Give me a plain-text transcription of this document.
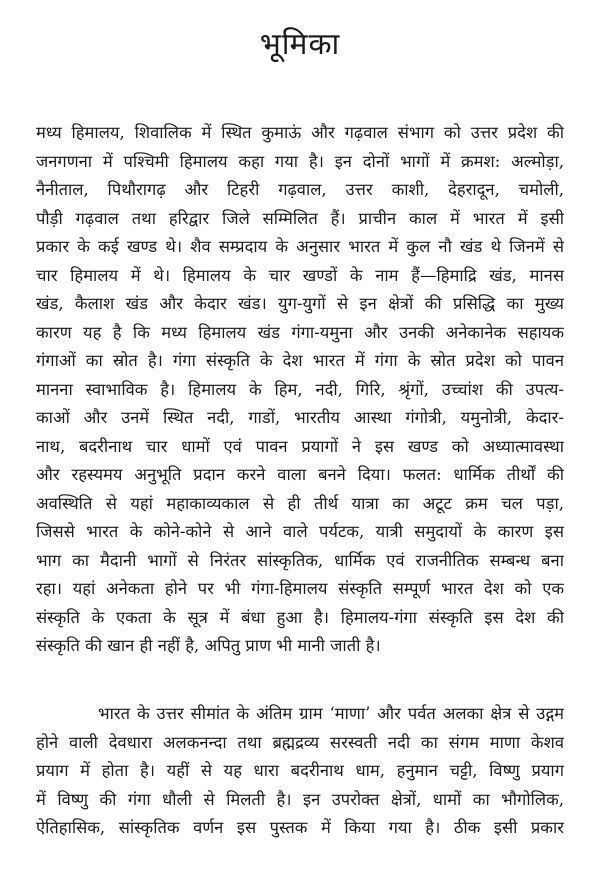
भूमिका
मध्य हिमालय, शिवालिक में स्थित कुमाऊं और गढ़वाल संभाग को उत्तर प्रदेश की
जनगणना में पश्चिमी हिमालय कहा गया है। इन दोनों भागों में क्रमश: अल्मोड़ा,
नैनीताल, पिथौरागढ़ और टिहरी गढ़वाल, उत्तर काशी, देहरादून, चमोली,
पौड़ी गढ़वाल तथा हरिद्वार जिले सम्मिलित हैं। प्राचीन काल में भारत में इसी
प्रकार के कई खण्ड थे। शैव सम्प्रदाय के अनुसार भारत में कुल नौ खंड थे जिनमें से
चार हिमालय में थे। हिमालय के चार खण्डों के नाम हैं—हिमाद्रि खंड, मानस
खंड, कैलाश खंड और केदार खंड। युग-युगों से इन क्षेत्रों की प्रसिद्धि का मुख्य
कारण यह है कि मध्य हिमालय खंड गंगा-यमुना और उनकी अनेकानेक सहायक
गंगाओं का स्रोत है। गंगा संस्कृति के देश भारत में गंगा के स्रोत प्रदेश को पावन
मानना स्वाभाविक है। हिमालय के हिम, नदी, गिरि, श्रृंगों, उच्चांश की उपत्य-
काओं और उनमें स्थित नदी, गाडों, भारतीय आस्था गंगोत्री, यमुनोत्री, केदार-
नाथ, बदरीनाथ चार धामों एवं पावन प्रयागों ने इस खण्ड को अध्यात्मावस्था
और रहस्यमय अनुभूति प्रदान करने वाला बनने दिया। फलत: धार्मिक तीर्थों की
अवस्थिति से यहां महाकाव्यकाल से ही तीर्थ यात्रा का अटूट क्रम चल पड़ा,
जिससे भारत के कोने-कोने से आने वाले पर्यटक, यात्री समुदायों के कारण इस
भाग का मैदानी भागों से निरंतर सांस्कृतिक, धार्मिक एवं राजनीतिक सम्बन्ध बना
रहा। यहां अनेकता होने पर भी गंगा-हिमालय संस्कृति सम्पूर्ण भारत देश को एक
संस्कृति के एकता के सूत्र में बंधा हुआ है। हिमालय-गंगा संस्कृति इस देश की
संस्कृति की खान ही नहीं है, अपितु प्राण भी मानी जाती है।
भारत के उत्तर सीमांत के अंतिम ग्राम ‘माणा’ और पर्वत अलका क्षेत्र से उद्गम
होने वाली देवधारा अलकनन्दा तथा ब्रह्मद्रव्य सरस्वती नदी का संगम माणा केशव
प्रयाग में होता है। यहीं से यह धारा बदरीनाथ धाम, हनुमान चट्टी, विष्णु प्रयाग
में विष्णु की गंगा धौली से मिलती है। इन उपरोक्त क्षेत्रों, धामों का भौगोलिक,
ऐतिहासिक, सांस्कृतिक वर्णन इस पुस्तक में किया गया है। ठीक इसी प्रकार
